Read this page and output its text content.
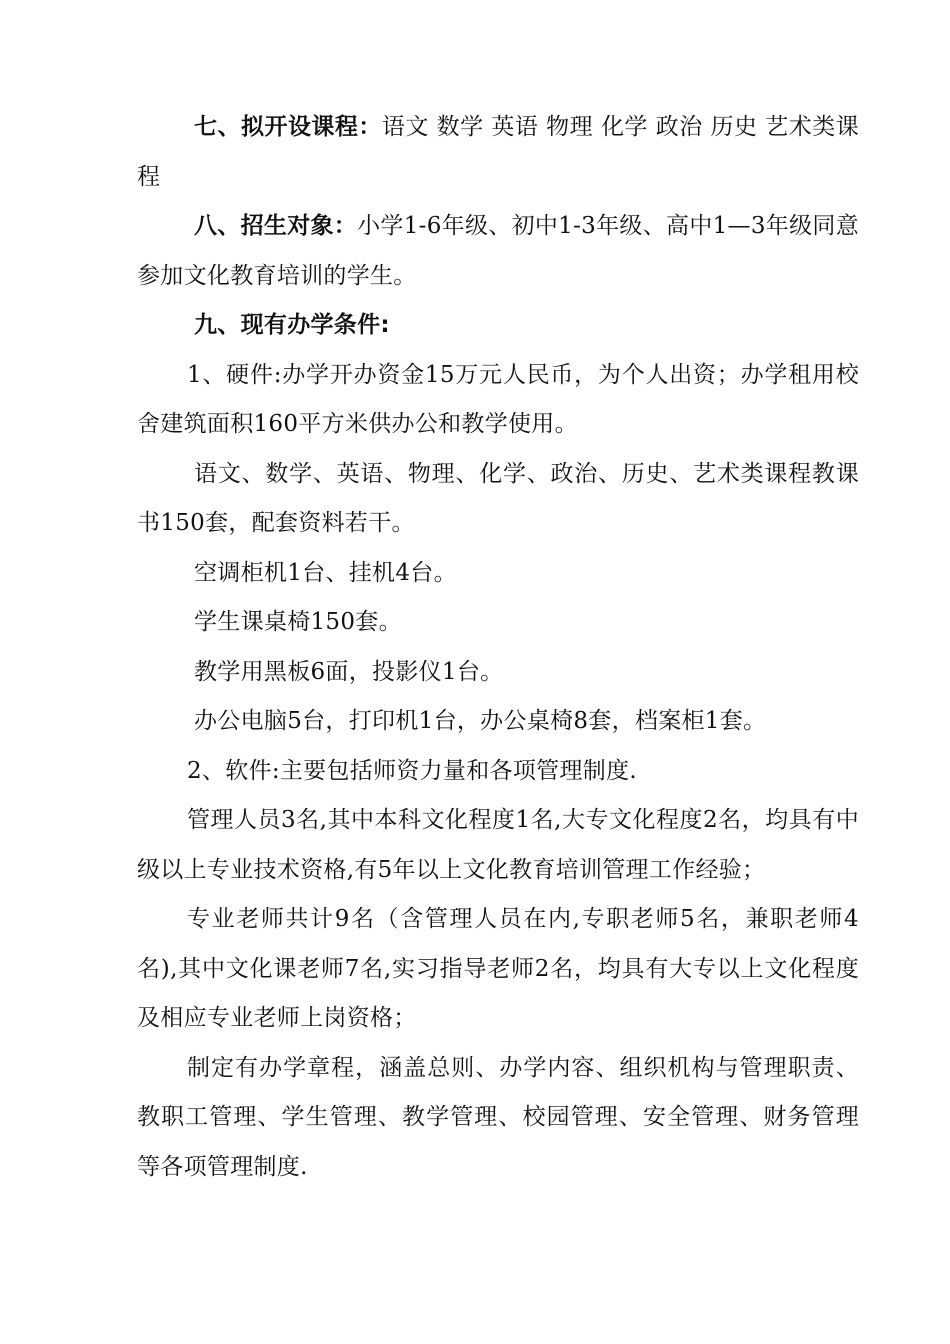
七、拟开设课程：语文 数学 英语 物理 化学 政治 历史 艺术类课程

八、招生对象：小学1-6年级、初中1-3年级、高中1—3年级同意参加文化教育培训的学生。

九、现有办学条件:

1、硬件:办学开办资金15万元人民币，为个人出资；办学租用校舍建筑面积160平方米供办公和教学使用。

语文、数学、英语、物理、化学、政治、历史、艺术类课程教课书150套，配套资料若干。

空调柜机1台、挂机4台。

学生课桌椅150套。

教学用黑板6面，投影仪1台。

办公电脑5台，打印机1台，办公桌椅8套，档案柜1套。

2、软件:主要包括师资力量和各项管理制度.

管理人员3名,其中本科文化程度1名,大专文化程度2名，均具有中级以上专业技术资格,有5年以上文化教育培训管理工作经验；

专业老师共计9名（含管理人员在内,专职老师5名，兼职老师4名),其中文化课老师7名,实习指导老师2名，均具有大专以上文化程度及相应专业老师上岗资格；

制定有办学章程，涵盖总则、办学内容、组织机构与管理职责、教职工管理、学生管理、教学管理、校园管理、安全管理、财务管理等各项管理制度.
